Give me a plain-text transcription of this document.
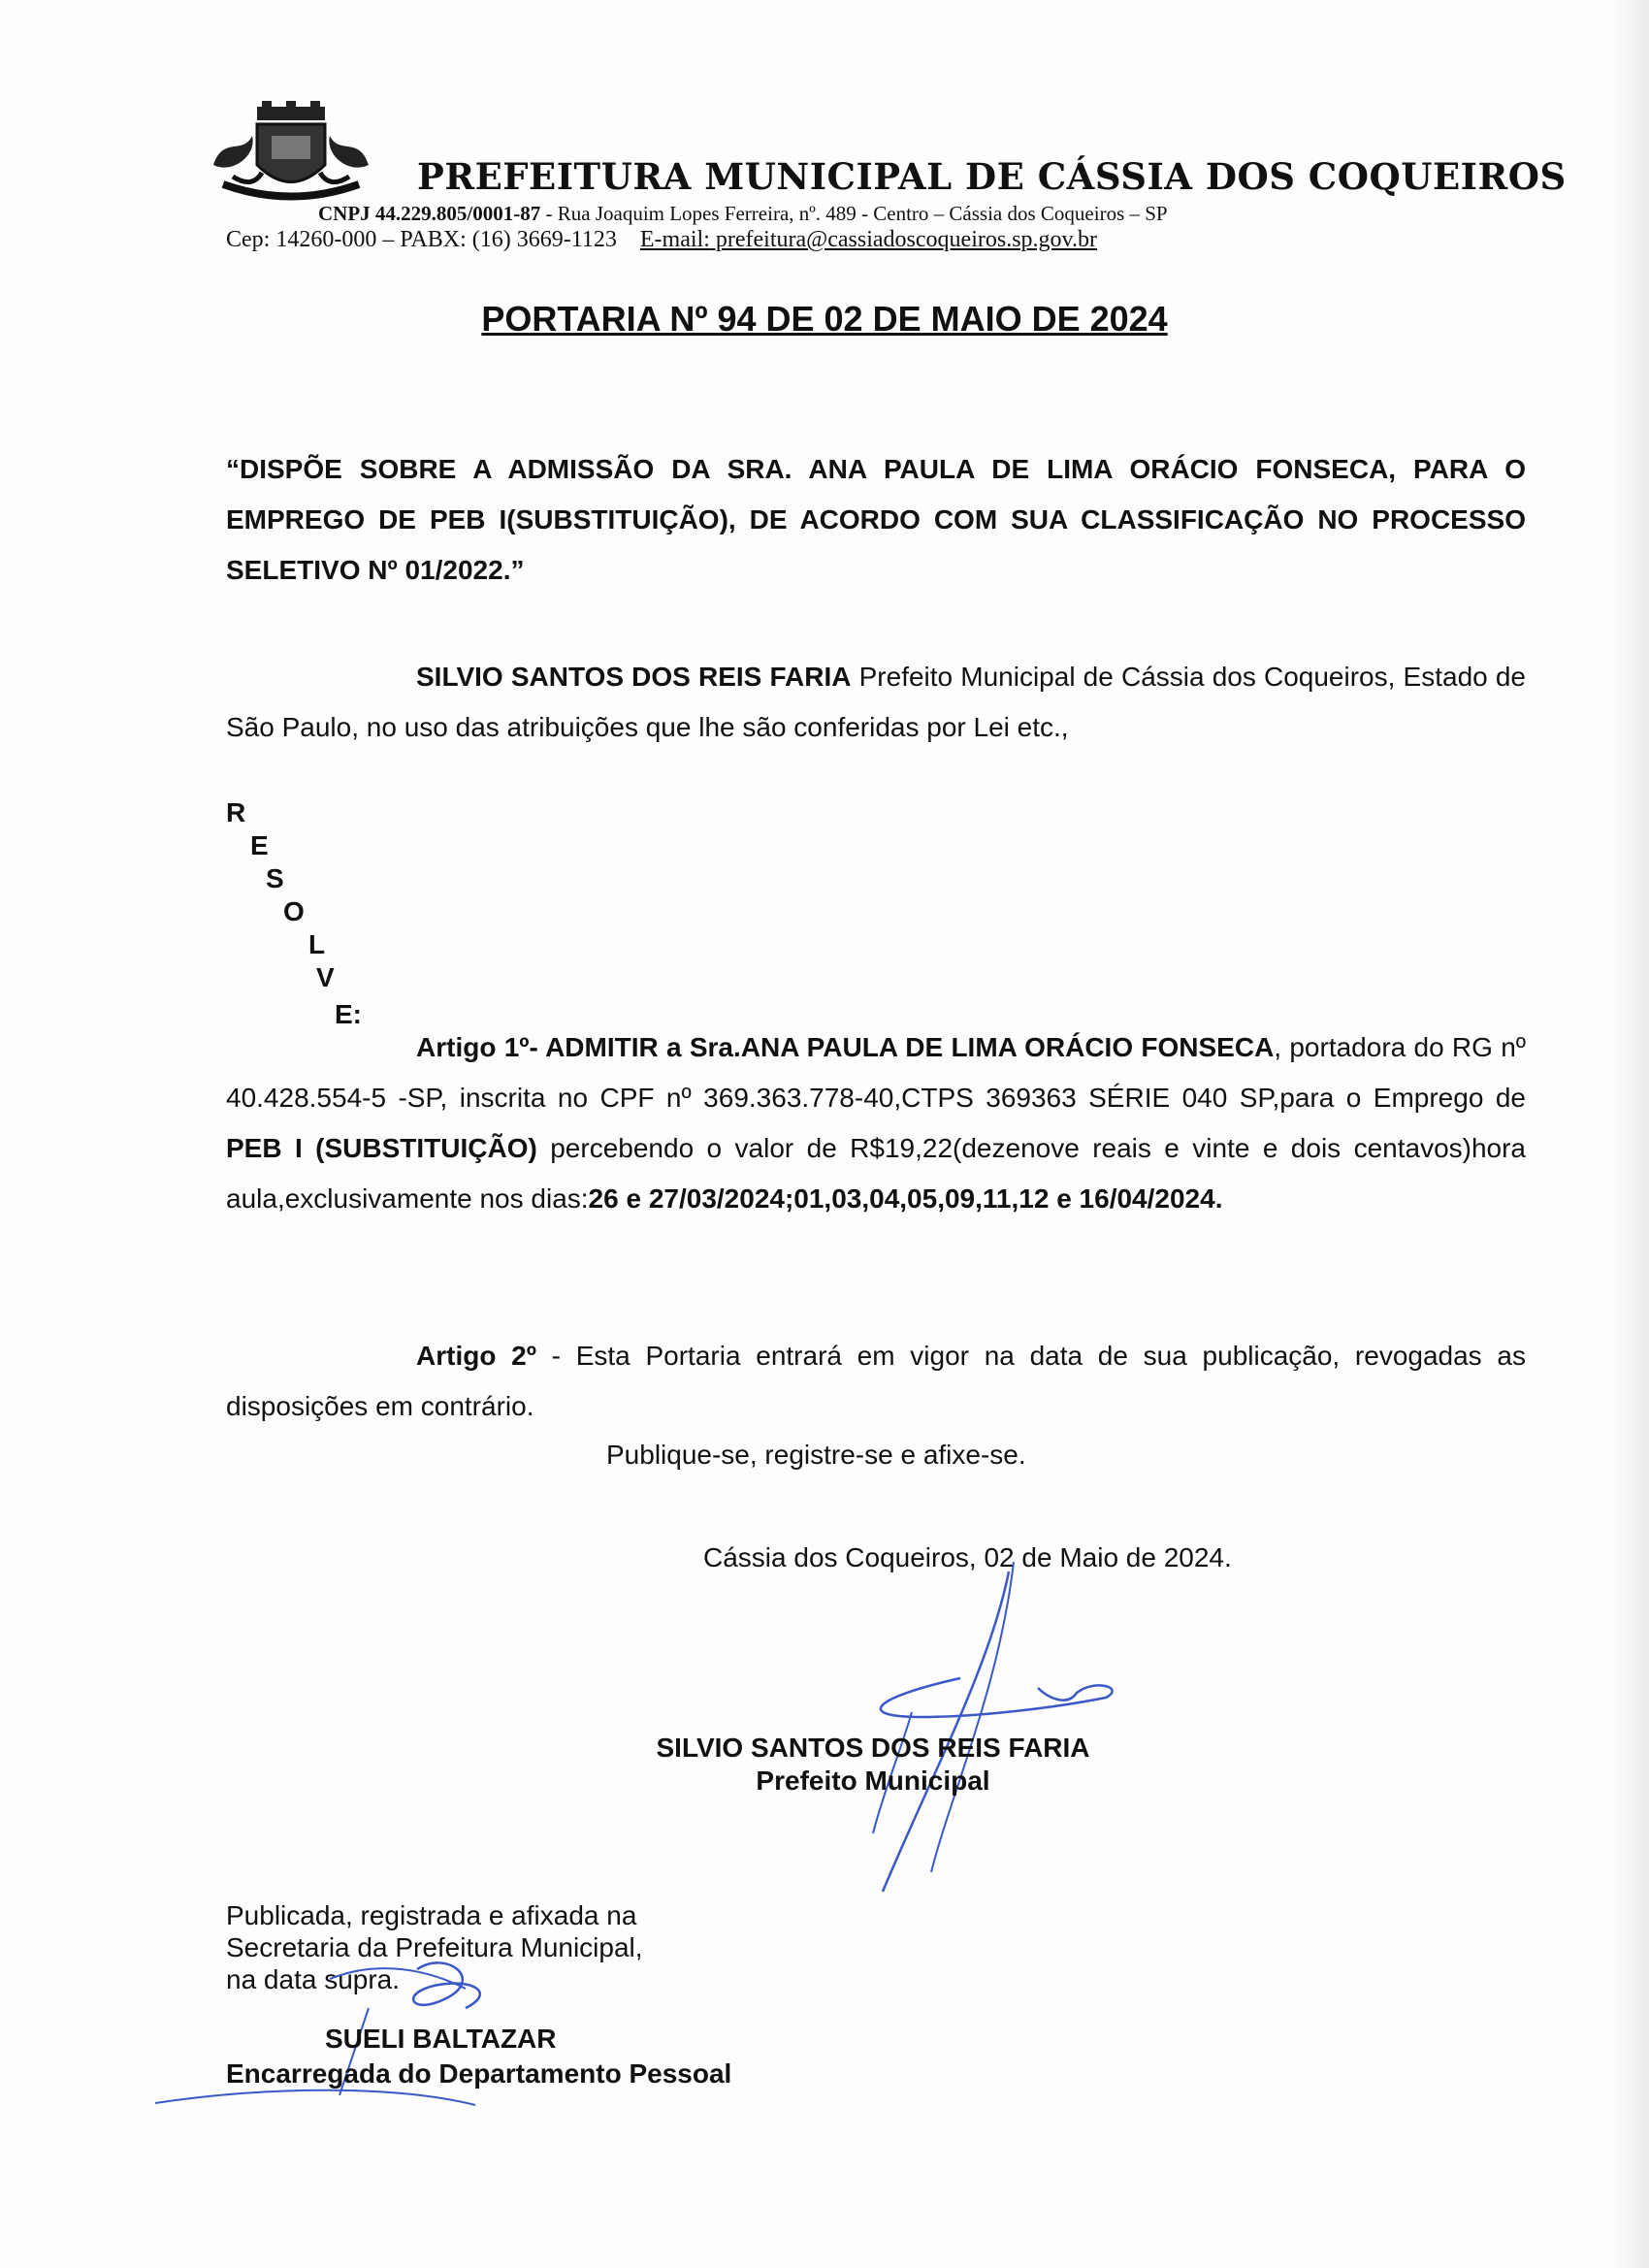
PREFEITURA MUNICIPAL DE CÁSSIA DOS COQUEIROS
CNPJ 44.229.805/0001-87 - Rua Joaquim Lopes Ferreira, nº. 489 - Centro – Cássia dos Coqueiros – SP
Cep: 14260-000 – PABX: (16) 3669-1123 E-mail: prefeitura@cassiadoscoqueiros.sp.gov.br
PORTARIA Nº 94 DE 02 DE MAIO DE 2024
“DISPÕE SOBRE A ADMISSÃO DA SRA. ANA PAULA DE LIMA ORÁCIO FONSECA, PARA O EMPREGO DE PEB I(SUBSTITUIÇÃO), DE ACORDO COM SUA CLASSIFICAÇÃO NO PROCESSO SELETIVO Nº 01/2022.”
SILVIO SANTOS DOS REIS FARIA Prefeito Municipal de Cássia dos Coqueiros, Estado de São Paulo, no uso das atribuições que lhe são conferidas por Lei etc.,
R
E
S
O
L
V
E:
Artigo 1º- ADMITIR a Sra.ANA PAULA DE LIMA ORÁCIO FONSECA, portadora do RG nº 40.428.554-5 -SP, inscrita no CPF nº 369.363.778-40,CTPS 369363 SÉRIE 040 SP,para o Emprego de PEB I (SUBSTITUIÇÃO) percebendo o valor de R$19,22(dezenove reais e vinte e dois centavos)hora aula,exclusivamente nos dias:26 e 27/03/2024;01,03,04,05,09,11,12 e 16/04/2024.
Artigo 2º - Esta Portaria entrará em vigor na data de sua publicação, revogadas as disposições em contrário.
Publique-se, registre-se e afixe-se.
Cássia dos Coqueiros, 02 de Maio de 2024.
SILVIO SANTOS DOS REIS FARIA
Prefeito Municipal
Publicada, registrada e afixada na
Secretaria da Prefeitura Municipal,
na data supra.
SUELI BALTAZAR
Encarregada do Departamento Pessoal
